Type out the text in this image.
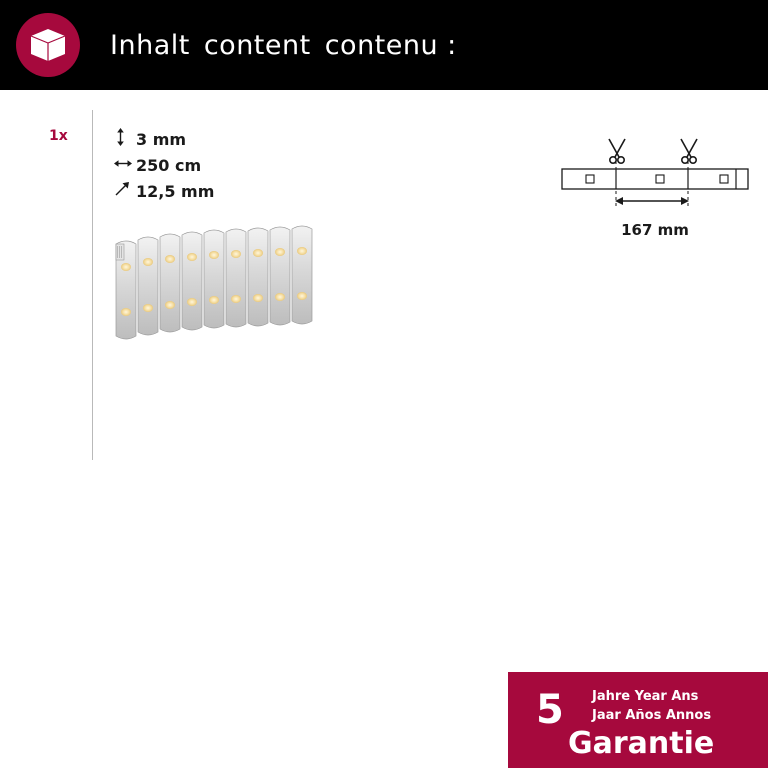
Inhalt content contenu :
1x	3 mm
250 cm
12,5 mm
167 mm
5 Jahre Year Ans
Jaar Años Annos
Garantie
